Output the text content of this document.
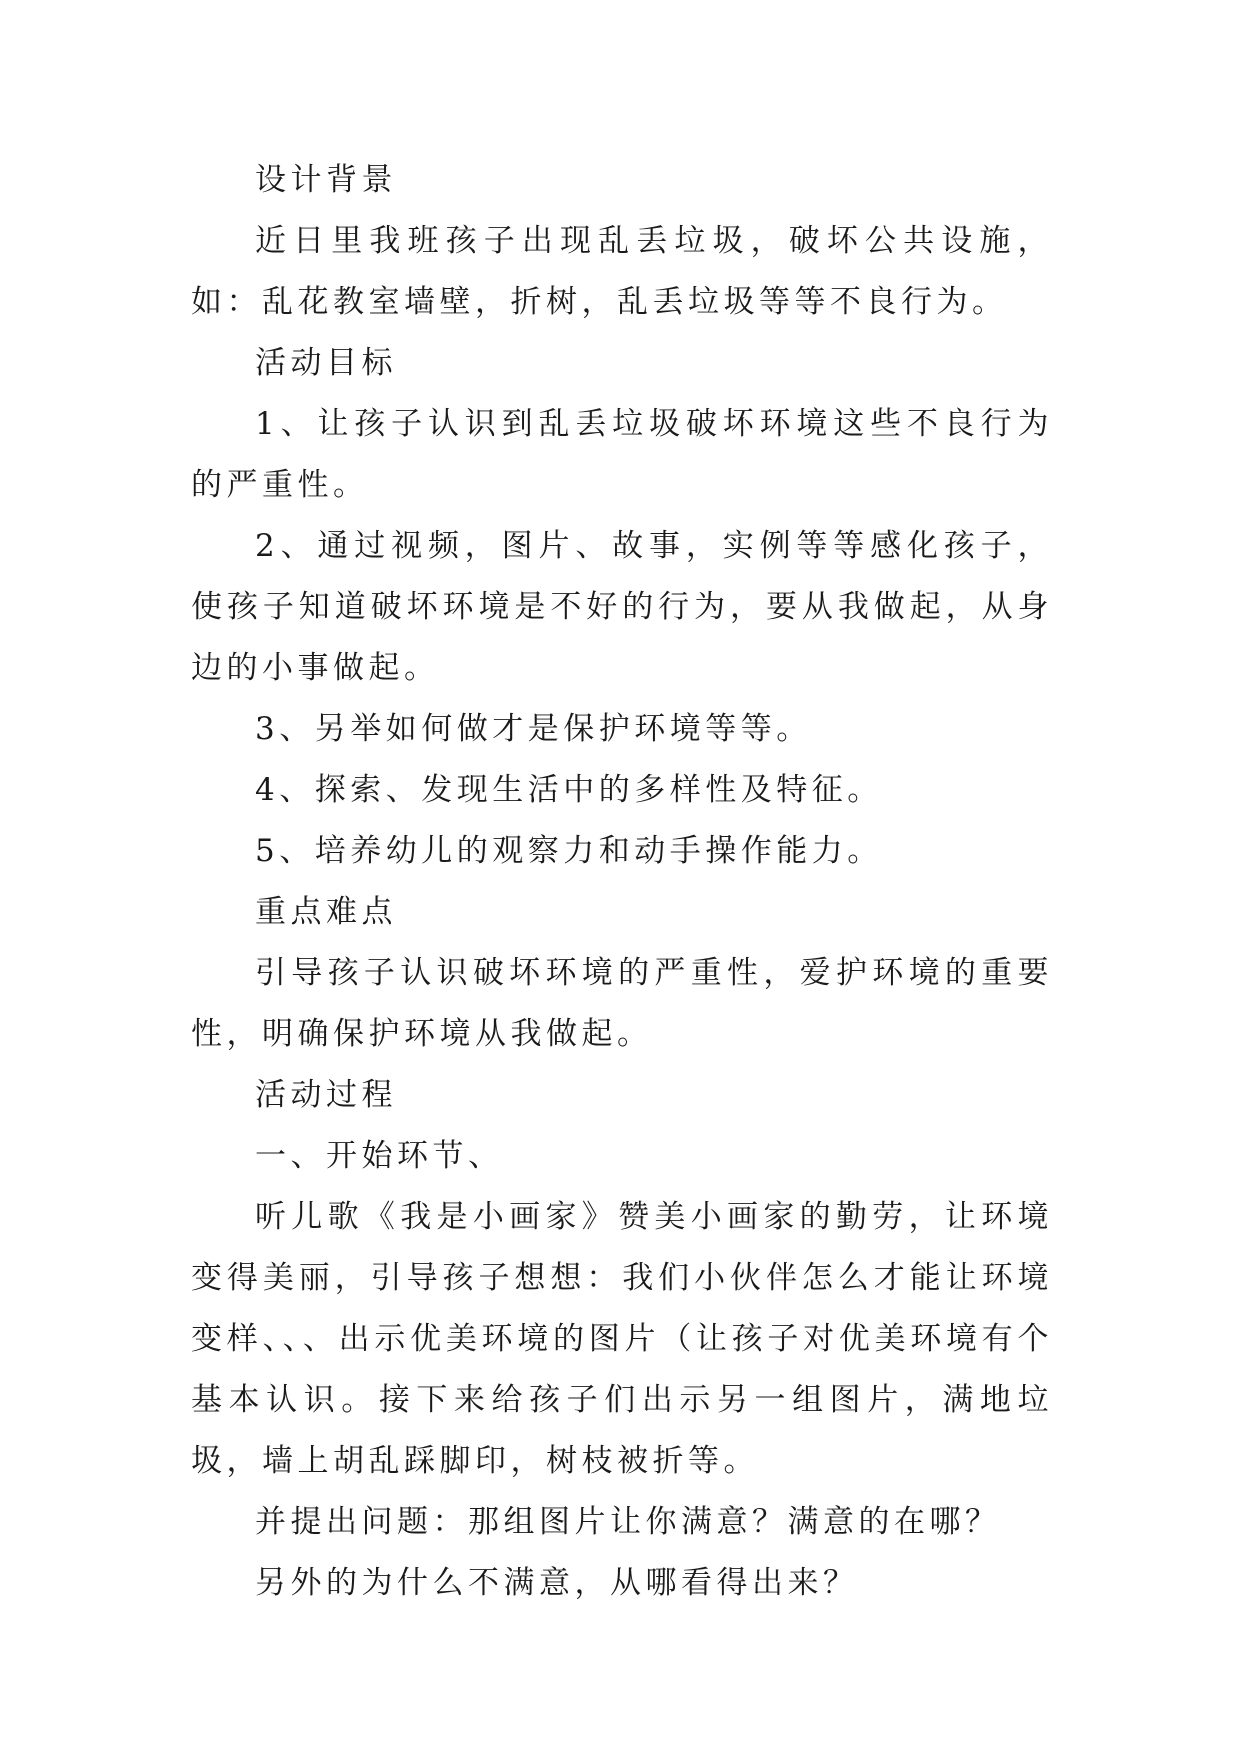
设计背景

近日里我班孩子出现乱丢垃圾，破坏公共设施，如：乱花教室墙壁，折树，乱丢垃圾等等不良行为。

活动目标

1、让孩子认识到乱丢垃圾破坏环境这些不良行为的严重性。

2、通过视频，图片、故事，实例等等感化孩子，使孩子知道破坏环境是不好的行为，要从我做起，从身边的小事做起。

3、另举如何做才是保护环境等等。

4、探索、发现生活中的多样性及特征。

5、培养幼儿的观察力和动手操作能力。

重点难点

引导孩子认识破坏环境的严重性，爱护环境的重要性，明确保护环境从我做起。

活动过程

一、开始环节、

听儿歌《我是小画家》赞美小画家的勤劳，让环境变得美丽，引导孩子想想：我们小伙伴怎么才能让环境变样、、、出示优美环境的图片（让孩子对优美环境有个基本认识。接下来给孩子们出示另一组图片，满地垃圾，墙上胡乱踩脚印，树枝被折等。

并提出问题：那组图片让你满意？满意的在哪？

另外的为什么不满意，从哪看得出来？
